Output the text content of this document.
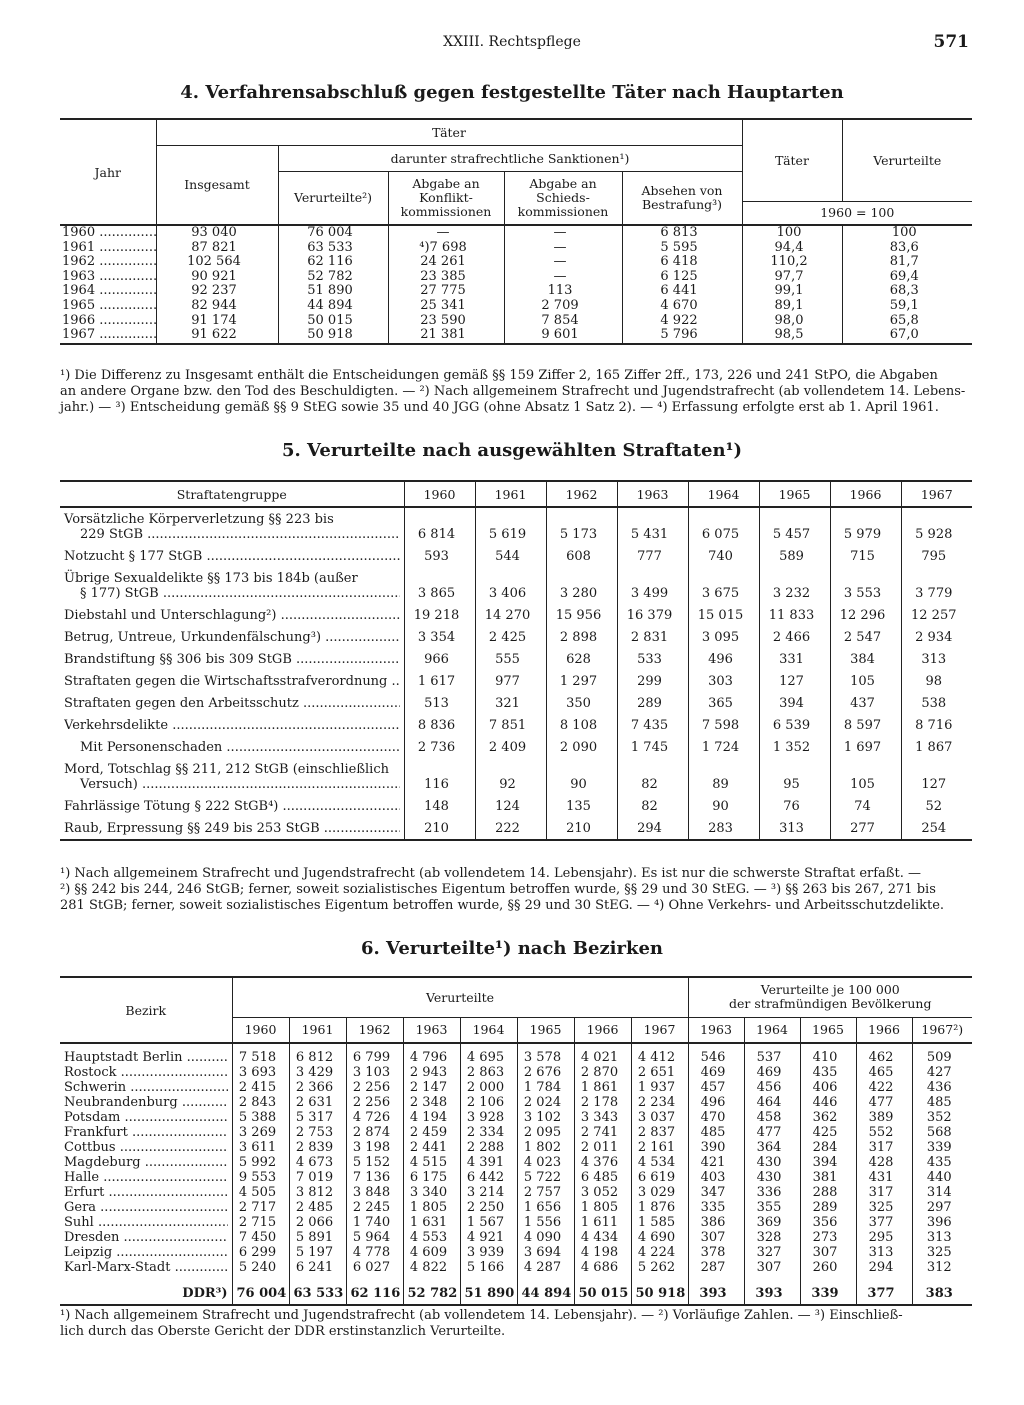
XXIII. Rechtspflege	571
4. Verfahrensabschluß gegen festgestellte Täter nach Hauptarten
Jahr	Täter					Täter	Verurteilte
	Insgesamt	darunter strafrechtliche Sanktionen¹)					
		Verurteilte²)	Abgabe an Konflikt-kommissionen	Abgabe an Schieds-kommissionen	Absehen von Bestrafung³)		
						1960 = 100	
1960 .....	93 040	76 004	—	—	6 813	100	100
1961 .....	87 821	63 533	⁴)7 698	—	5 595	94,4	83,6
1962 .....	102 564	62 116	24 261	—	6 418	110,2	81,7
1963 .....	90 921	52 782	23 385	—	6 125	97,7	69,4
1964 .....	92 237	51 890	27 775	113	6 441	99,1	68,3
1965 .....	82 944	44 894	25 341	2 709	4 670	89,1	59,1
1966 .....	91 174	50 015	23 590	7 854	4 922	98,0	65,8
1967 .....	91 622	50 918	21 381	9 601	5 796	98,5	67,0
¹) Die Differenz zu Insgesamt enthält die Entscheidungen gemäß §§ 159 Ziffer 2, 165 Ziffer 2ff., 173, 226 und 241 StPO, die Abgaben
an andere Organe bzw. den Tod des Beschuldigten. — ²) Nach allgemeinem Strafrecht und Jugendstrafrecht (ab vollendetem 14. Lebens-
jahr.) — ³) Entscheidung gemäß §§ 9 StEG sowie 35 und 40 JGG (ohne Absatz 1 Satz 2). — ⁴) Erfassung erfolgte erst ab 1. April 1961.
5. Verurteilte nach ausgewählten Straftaten¹)
Straftatengruppe	1960	1961	1962	1963	1964	1965	1966	1967

Vorsätzliche Körperverletzung §§ 223 bis
229 StGB .....	6 814	5 619	5 173	5 431	6 075	5 457	5 979	5 928

Notzucht § 177 StGB .....	593	544	608	777	740	589	715	795

Übrige Sexualdelikte §§ 173 bis 184b (außer
§ 177) StGB .....	3 865	3 406	3 280	3 499	3 675	3 232	3 553	3 779

Diebstahl und Unterschlagung²) .....	19 218	14 270	15 956	16 379	15 015	11 833	12 296	12 257

Betrug, Untreue, Urkundenfälschung³) .....	3 354	2 425	2 898	2 831	3 095	2 466	2 547	2 934

Brandstiftung §§ 306 bis 309 StGB .....	966	555	628	533	496	331	384	313

Straftaten gegen die Wirtschaftsstrafverordnung .....	1 617	977	1 297	299	303	127	105	98

Straftaten gegen den Arbeitsschutz .....	513	321	350	289	365	394	437	538

Verkehrsdelikte .....	8 836	7 851	8 108	7 435	7 598	6 539	8 597	8 716

Mit Personenschaden .....	2 736	2 409	2 090	1 745	1 724	1 352	1 697	1 867

Mord, Totschlag §§ 211, 212 StGB (einschließlich
Versuch) .....	116	92	90	82	89	95	105	127

Fahrlässige Tötung § 222 StGB⁴) .....	148	124	135	82	90	76	74	52

Raub, Erpressung §§ 249 bis 253 StGB .....	210	222	210	294	283	313	277	254
¹) Nach allgemeinem Strafrecht und Jugendstrafrecht (ab vollendetem 14. Lebensjahr). Es ist nur die schwerste Straftat erfaßt. —
²) §§ 242 bis 244, 246 StGB; ferner, soweit sozialistisches Eigentum betroffen wurde, §§ 29 und 30 StEG. — ³) §§ 263 bis 267, 271 bis
281 StGB; ferner, soweit sozialistisches Eigentum betroffen wurde, §§ 29 und 30 StEG. — ⁴) Ohne Verkehrs- und Arbeitsschutzdelikte.
6. Verurteilte¹) nach Bezirken
Bezirk	Verurteilte								Verurteilte je 100 000
der strafmündigen Bevölkerung				

	1960	1961	1962	1963	1964	1965	1966	1967	1963	1964	1965	1966	1967²)

Hauptstadt Berlin .....	7 518	6 812	6 799	4 796	4 695	3 578	4 021	4 412	546	537	410	462	509

Rostock .....	3 693	3 429	3 103	2 943	2 863	2 676	2 870	2 651	469	469	435	465	427

Schwerin .....	2 415	2 366	2 256	2 147	2 000	1 784	1 861	1 937	457	456	406	422	436

Neubrandenburg .....	2 843	2 631	2 256	2 348	2 106	2 024	2 178	2 234	496	464	446	477	485

Potsdam .....	5 388	5 317	4 726	4 194	3 928	3 102	3 343	3 037	470	458	362	389	352

Frankfurt .....	3 269	2 753	2 874	2 459	2 334	2 095	2 741	2 837	485	477	425	552	568

Cottbus .....	3 611	2 839	3 198	2 441	2 288	1 802	2 011	2 161	390	364	284	317	339

Magdeburg .....	5 992	4 673	5 152	4 515	4 391	4 023	4 376	4 534	421	430	394	428	435

Halle .....	9 553	7 019	7 136	6 175	6 442	5 722	6 485	6 619	403	430	381	431	440

Erfurt .....	4 505	3 812	3 848	3 340	3 214	2 757	3 052	3 029	347	336	288	317	314

Gera .....	2 717	2 485	2 245	1 805	2 250	1 656	1 805	1 876	335	355	289	325	297

Suhl .....	2 715	2 066	1 740	1 631	1 567	1 556	1 611	1 585	386	369	356	377	396

Dresden .....	7 450	5 891	5 964	4 553	4 921	4 090	4 434	4 690	307	328	273	295	313

Leipzig .....	6 299	5 197	4 778	4 609	3 939	3 694	4 198	4 224	378	327	307	313	325

Karl-Marx-Stadt .....	5 240	6 241	6 027	4 822	5 166	4 287	4 686	5 262	287	307	260	294	312
DDR³)	76 004	63 533	62 116	52 782	51 890	44 894	50 015	50 918	393	393	339	377	383
¹) Nach allgemeinem Strafrecht und Jugendstrafrecht (ab vollendetem 14. Lebensjahr). — ²) Vorläufige Zahlen. — ³) Einschließ-
lich durch das Oberste Gericht der DDR erstinstanzlich Verurteilte.
